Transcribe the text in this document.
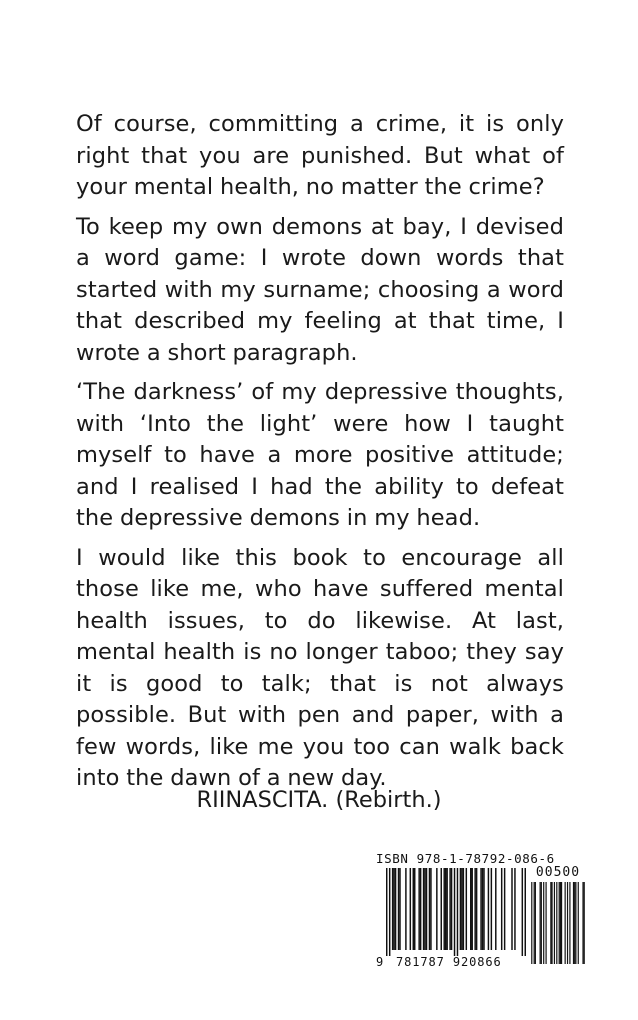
Of course, committing a crime, it is only right that you are punished. But what of your mental health, no matter the crime?

To keep my own demons at bay, I devised a word game: I wrote down words that started with my surname; choosing a word that described my feeling at that time, I wrote a short paragraph.

‘The darkness’ of my depressive thoughts, with ‘Into the light’ were how I taught myself to have a more positive attitude; and I realised I had the ability to defeat the depressive demons in my head.

I would like this book to encourage all those like me, who have suffered mental health issues, to do likewise. At last, mental health is no longer taboo; they say it is good to talk; that is not always possible. But with pen and paper, with a few words, like me you too can walk back into the dawn of a new day.

RIINASCITA. (Rebirth.)
ISBN 978-1-78792-086-6
00500
9 781787 920866
